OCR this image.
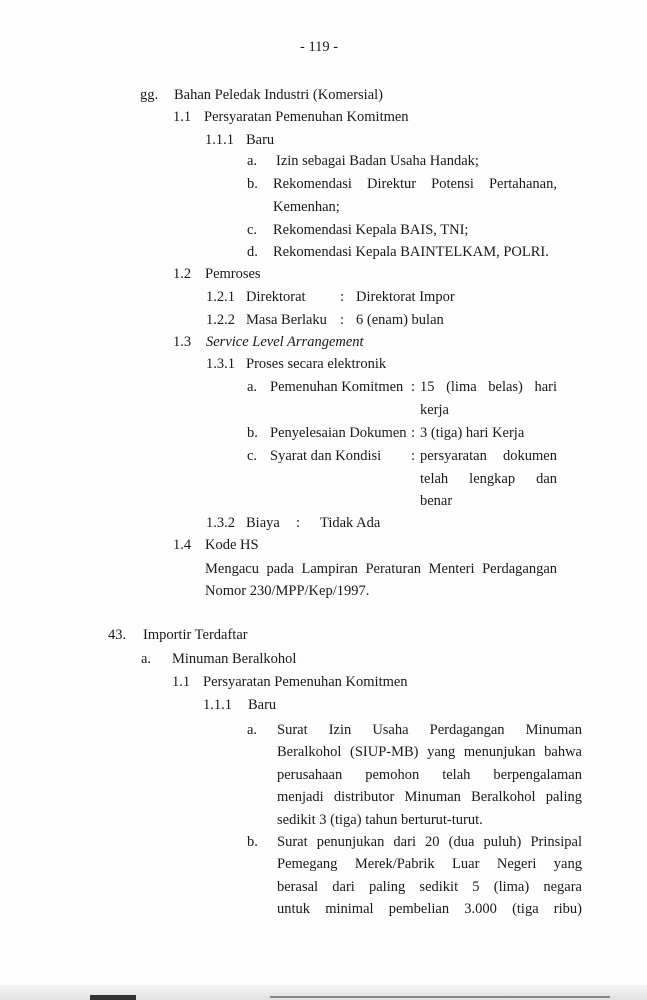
- 119 -
gg. Bahan Peledak Industri (Komersial)
1.1 Persyaratan Pemenuhan Komitmen
1.1.1 Baru
a. Izin sebagai Badan Usaha Handak;
b. Rekomendasi Direktur Potensi Pertahanan,
Kemenhan;
c. Rekomendasi Kepala BAIS, TNI;
d. Rekomendasi Kepala BAINTELKAM, POLRI.
1.2 Pemroses
1.2.1 Direktorat : Direktorat Impor
1.2.2 Masa Berlaku : 6 (enam) bulan
1.3 Service Level Arrangement
1.3.1 Proses secara elektronik
a. Pemenuhan Komitmen : 15 (lima belas) hari
kerja
b. Penyelesaian Dokumen : 3 (tiga) hari Kerja
c. Syarat dan Kondisi : persyaratan dokumen
telah lengkap dan
benar
1.3.2 Biaya : Tidak Ada
1.4 Kode HS
Mengacu pada Lampiran Peraturan Menteri Perdagangan
Nomor 230/MPP/Kep/1997.
43. Importir Terdaftar
a. Minuman Beralkohol
1.1 Persyaratan Pemenuhan Komitmen
1.1.1 Baru
a. Surat Izin Usaha Perdagangan Minuman
Beralkohol (SIUP-MB) yang menunjukan bahwa
perusahaan pemohon telah berpengalaman
menjadi distributor Minuman Beralkohol paling
sedikit 3 (tiga) tahun berturut-turut.
b. Surat penunjukan dari 20 (dua puluh) Prinsipal
Pemegang Merek/Pabrik Luar Negeri yang
berasal dari paling sedikit 5 (lima) negara
untuk minimal pembelian 3.000 (tiga ribu)
